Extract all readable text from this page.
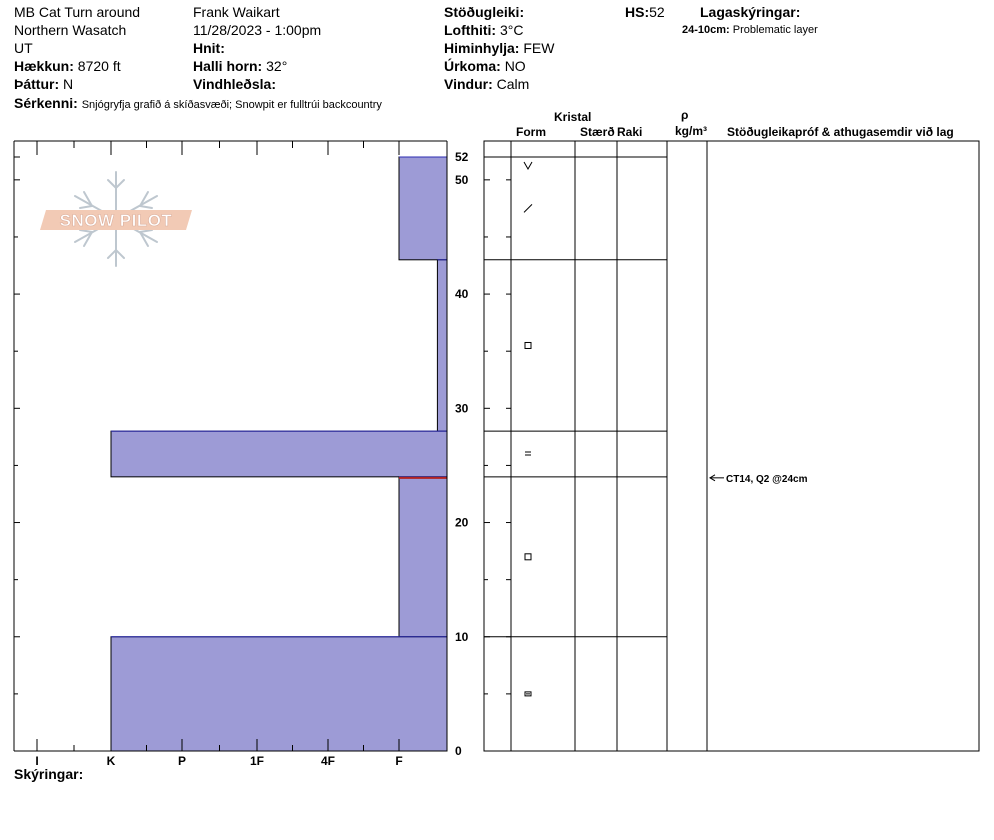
MB Cat Turn around
Northern Wasatch
UT
Hækkun: 8720 ft
Þáttur: N
Frank Waikart
11/28/2023 - 1:00pm
Hnit:
Halli horn: 32°
Vindhleðsla:
Stöðugleiki:
Lofthiti: 3°C
Himinhylja: FEW
Úrkoma: NO
Vindur: Calm
HS:52	Lagaskýringar:
24-10cm: Problematic layer
Sérkenni: Snjógryfja grafið á skíðasvæði; Snowpit er fulltrúi backcountry
Kristal
Form	Stærð Raki
ρ
kg/m³ Stöðugleikapróf & athugasemdir við lag
Skýringar:
SNOW PILOT
I	K	P	1F	4F	F
0
10
20
30
40
50
52
CT14, Q2 @24cm
